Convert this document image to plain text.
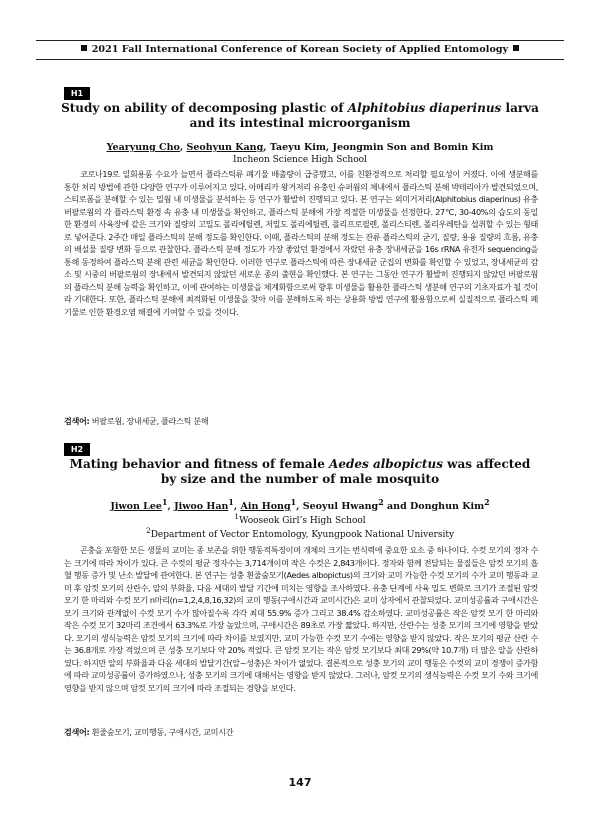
2021 Fall International Conference of Korean Society of Applied Entomology
H1
Study on ability of decomposing plastic of Alphitobius diaperinus larva and its intestinal microorganism
Yearyung Cho, Seohyun Kang, Taeyu Kim, Jeongmin Son and Bomin Kim
Incheon Science High School

코로나19로 일회용품 수요가 늘면서 플라스틱류 폐기물 배출량이 급증했고, 이를 친환경적으로 처리할 필요성이 커졌다. 이에 생분해를 통한 처리 방법에 관한 다양한 연구가 이루어지고 있다. 아메리카 왕거저리 유충인 슈퍼웜의 체내에서 플라스틱 분해 박테리아가 발견되었으며, 스티로폼을 분해할 수 있는 밀웜 내 미생물을 분석하는 등 연구가 활발히 진행되고 있다. 본 연구는 외미거저리(Alphitobius diaperinus) 유충 버팔로웜의 각 플라스틱 환경 속 유충 내 미생물을 확인하고, 플라스틱 분해에 가장 적절한 미생물을 선정한다. 27℃, 30-40%의 습도의 동일한 환경의 사육장에 같은 크기와 질량의 고밀도 폴리에틸렌, 저밀도 폴리에틸렌, 폴리프로필렌, 폴리스티렌, 폴리우레탄을 섭취할 수 있는 형태로 넣어준다. 2주간 매일 플라스틱의 분해 정도를 확인한다. 이때, 플라스틱의 분해 정도는 잔류 플라스틱의 굳기, 질량, 용융 질량의 흐름, 유충의 배설물 질량 변화 등으로 관찰한다. 플라스틱 분해 정도가 가장 좋았던 환경에서 자랐던 유충 장내세균을 16s rRNA 유전자 sequencing을 통해 동정하여 플라스틱 분해 관련 세균을 확인한다. 이러한 연구로 플라스틱에 따른 장내세균 군집의 변화를 확인할 수 있었고, 장내세균의 감소 및 시중의 버팔로웜의 장내에서 발견되지 않았던 새로운 종의 출현을 확인했다. 본 연구는 그동안 연구가 활발히 진행되지 않았던 버팔로웜의 플라스틱 분해 능력을 확인하고, 이에 관여하는 미생물을 체계화함으로써 향후 미생물을 활용한 플라스틱 생분해 연구의 기초자료가 될 것이라 기대한다. 또한, 플라스틱 분해에 최적화된 미생물을 찾아 이를 분해하도록 하는 상용화 방법 연구에 활용함으로써 실질적으로 플라스틱 폐기물로 인한 환경오염 해결에 기여할 수 있을 것이다.

검색어: 버팔로웜, 장내세균, 플라스틱 분해
H2
Mating behavior and fitness of female Aedes albopictus was affected by size and the number of male mosquito
Jiwon Lee$^1$, Jiwoo Han$^1$, Ain Hong$^1$, Seoyul Hwang$^2$ and Donghun Kim$^2$
$^1$Wooseok Girl’s High School
$^2$Department of Vector Entomology, Kyungpook National University

곤충을 포함한 모든 생물의 교미는 종 보존을 위한 행동적특징이며 개체의 크기는 번식력에 중요한 요소 중 하나이다. 수컷 모기의 정자 수는 크기에 따라 차이가 있다. 큰 수컷의 평균 정자수는 3,714개이며 작은 수컷은 2,843개이다. 정자와 함께 전달되는 물질들은 암컷 모기의 흡혈 행동 증가 및 난소 발달에 관여한다. 본 연구는 성충 흰줄숲모기(Aedes albopictus)의 크기와 교미 가능한 수컷 모기의 수가 교미 행동과 교미 후 암컷 모기의 산란수, 알의 부화율, 다음 세대의 발달 기간에 미치는 영향을 조사하였다. 유충 단계에 사육 밀도 변화로 크기가 조절된 암컷 모기 한 마리와 수컷 모기 n마리(n=1,2,4,8,16,32)의 교미 행동(구애시간과 교미시간)은 교미 상자에서 관찰되었다. 교미성공률과 구애시간은 모기 크기와 관계없이 수컷 모기 수가 많아질수록 각각 최대 55.9% 증가 그리고 38.4% 감소하였다. 교미성공률은 작은 암컷 모기 한 마리와 작은 수컷 모기 32마리 조건에서 63.3%로 가장 높았으며, 구애시간은 89초로 가장 짧았다. 하지만, 산란수는 성충 모기의 크기에 영향을 받았다. 모기의 생식능력은 암컷 모기의 크기에 따라 차이를 보였지만, 교미 가능한 수컷 모기 수에는 영향을 받지 않았다. 작은 모기의 평균 산란 수는 36.8개로 가장 적었으며 큰 성충 모기보다 약 20% 적었다. 큰 암컷 모기는 작은 암컷 모기보다 최대 29%(약 10.7개) 더 많은 알을 산란하였다. 하지만 알의 부화율과 다음 세대의 발달기간(알~성충)은 차이가 없었다. 결론적으로 성충 모기의 교미 행동은 수컷의 교미 경쟁이 증가함에 따라 교미성공률이 증가하였으나, 성충 모기의 크기에 대해서는 영향을 받지 않았다. 그러나, 암컷 모기의 생식능력은 수컷 모기 수와 크기에 영향을 받지 않으며 암컷 모기의 크기에 따라 조절되는 경향을 보인다.

검색어: 흰줄숲모기, 교미행동, 구애시간, 교미시간
147
